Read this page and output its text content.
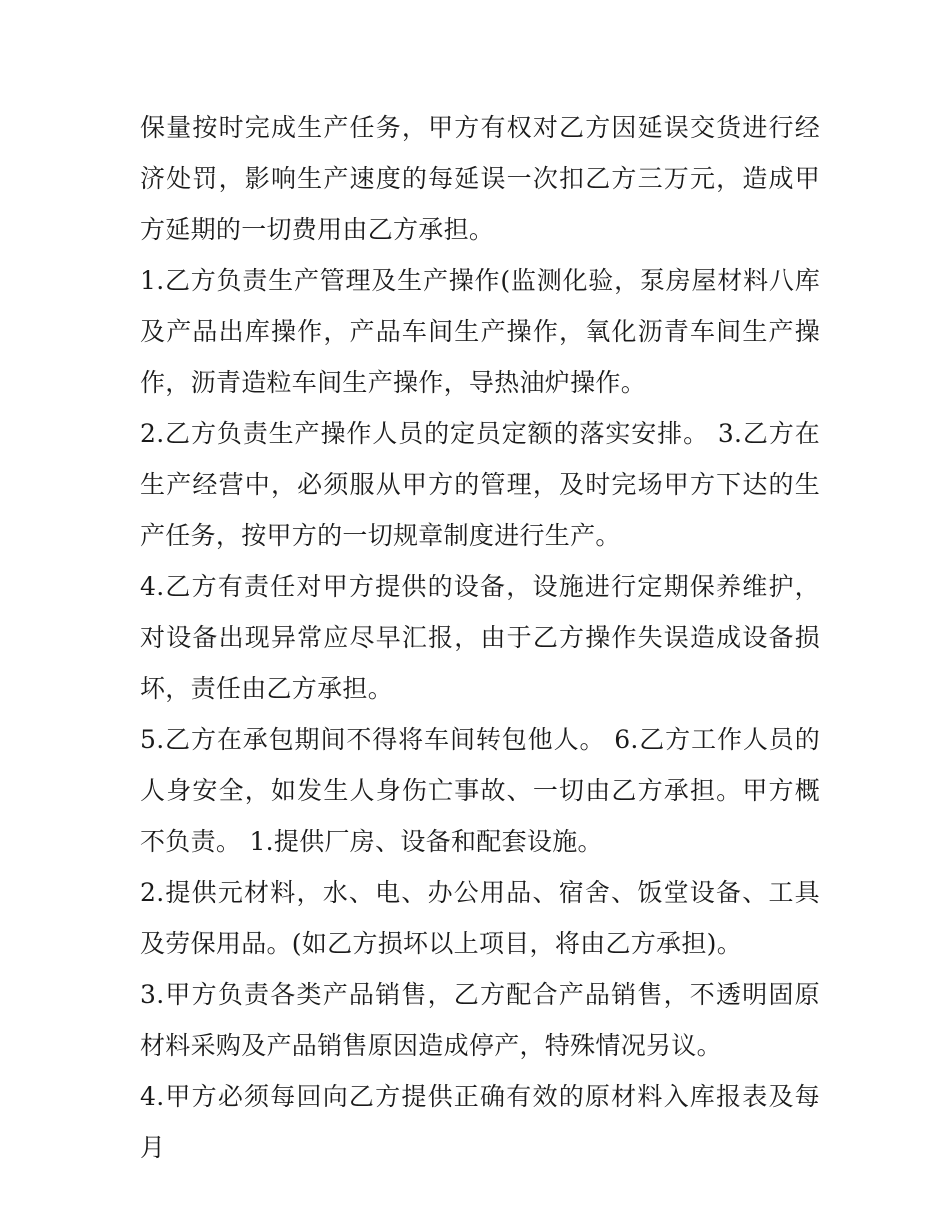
保量按时完成生产任务，甲方有权对乙方因延误交货进行经济处罚，影响生产速度的每延误一次扣乙方三万元，造成甲方延期的一切费用由乙方承担。

1.乙方负责生产管理及生产操作(监测化验，泵房屋材料八库及产品出库操作，产品车间生产操作，氧化沥青车间生产操作，沥青造粒车间生产操作，导热油炉操作。

2.乙方负责生产操作人员的定员定额的落实安排。 3.乙方在生产经营中，必须服从甲方的管理，及时完场甲方下达的生产任务，按甲方的一切规章制度进行生产。

4.乙方有责任对甲方提供的设备，设施进行定期保养维护，对设备出现异常应尽早汇报，由于乙方操作失误造成设备损坏，责任由乙方承担。

5.乙方在承包期间不得将车间转包他人。 6.乙方工作人员的人身安全，如发生人身伤亡事故、一切由乙方承担。甲方概不负责。 1.提供厂房、设备和配套设施。

2.提供元材料，水、电、办公用品、宿舍、饭堂设备、工具及劳保用品。(如乙方损坏以上项目，将由乙方承担)。

3.甲方负责各类产品销售，乙方配合产品销售，不透明固原材料采购及产品销售原因造成停产，特殊情况另议。

4.甲方必须每回向乙方提供正确有效的原材料入库报表及每月
